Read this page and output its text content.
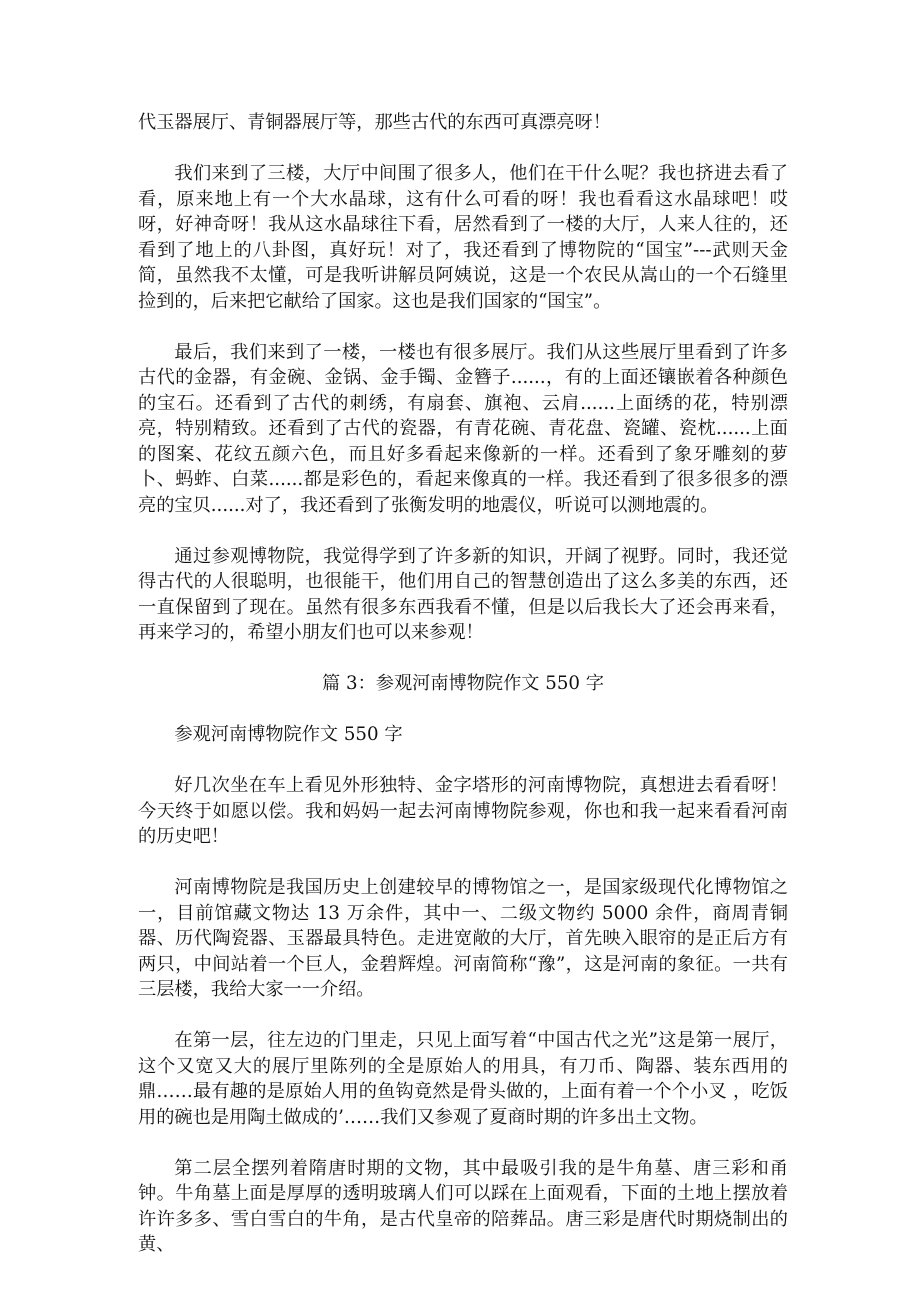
代玉器展厅、青铜器展厅等，那些古代的东西可真漂亮呀！

我们来到了三楼，大厅中间围了很多人，他们在干什么呢？我也挤进去看了看，原来地上有一个大水晶球，这有什么可看的呀！我也看看这水晶球吧！哎呀，好神奇呀！我从这水晶球往下看，居然看到了一楼的大厅，人来人往的，还看到了地上的八卦图，真好玩！对了，我还看到了博物院的“国宝”---武则天金简，虽然我不太懂，可是我听讲解员阿姨说，这是一个农民从嵩山的一个石缝里捡到的，后来把它献给了国家。这也是我们国家的“国宝”。

最后，我们来到了一楼，一楼也有很多展厅。我们从这些展厅里看到了许多古代的金器，有金碗、金锅、金手镯、金簪子......，有的上面还镶嵌着各种颜色的宝石。还看到了古代的刺绣，有扇套、旗袍、云肩......上面绣的花，特别漂亮，特别精致。还看到了古代的瓷器，有青花碗、青花盘、瓷罐、瓷枕......上面的图案、花纹五颜六色，而且好多看起来像新的一样。还看到了象牙雕刻的萝卜、蚂蚱、白菜......都是彩色的，看起来像真的一样。我还看到了很多很多的漂亮的宝贝......对了，我还看到了张衡发明的地震仪，听说可以测地震的。

通过参观博物院，我觉得学到了许多新的知识，开阔了视野。同时，我还觉得古代的人很聪明，也很能干，他们用自己的智慧创造出了这么多美的东西，还一直保留到了现在。虽然有很多东西我看不懂，但是以后我长大了还会再来看，再来学习的，希望小朋友们也可以来参观！

篇 3：参观河南博物院作文 550 字

参观河南博物院作文 550 字

好几次坐在车上看见外形独特、金字塔形的河南博物院，真想进去看看呀！今天终于如愿以偿。我和妈妈一起去河南博物院参观，你也和我一起来看看河南的历史吧！

河南博物院是我国历史上创建较早的博物馆之一，是国家级现代化博物馆之一，目前馆藏文物达 13 万余件，其中一、二级文物约 5000 余件，商周青铜器、历代陶瓷器、玉器最具特色。走进宽敞的大厅，首先映入眼帘的是正后方有两只，中间站着一个巨人，金碧辉煌。河南简称“豫”，这是河南的象征。一共有三层楼，我给大家一一介绍。

在第一层，往左边的门里走，只见上面写着“中国古代之光”这是第一展厅，这个又宽又大的展厅里陈列的全是原始人的用具，有刀币、陶器、装东西用的鼎……最有趣的是原始人用的鱼钩竟然是骨头做的，上面有着一个个小叉 ，吃饭用的碗也是用陶土做成的’……我们又参观了夏商时期的许多出土文物。

第二层全摆列着隋唐时期的文物，其中最吸引我的是牛角墓、唐三彩和甬钟。牛角墓上面是厚厚的透明玻璃人们可以踩在上面观看，下面的土地上摆放着许许多多、雪白雪白的牛角，是古代皇帝的陪葬品。唐三彩是唐代时期烧制出的黄、
